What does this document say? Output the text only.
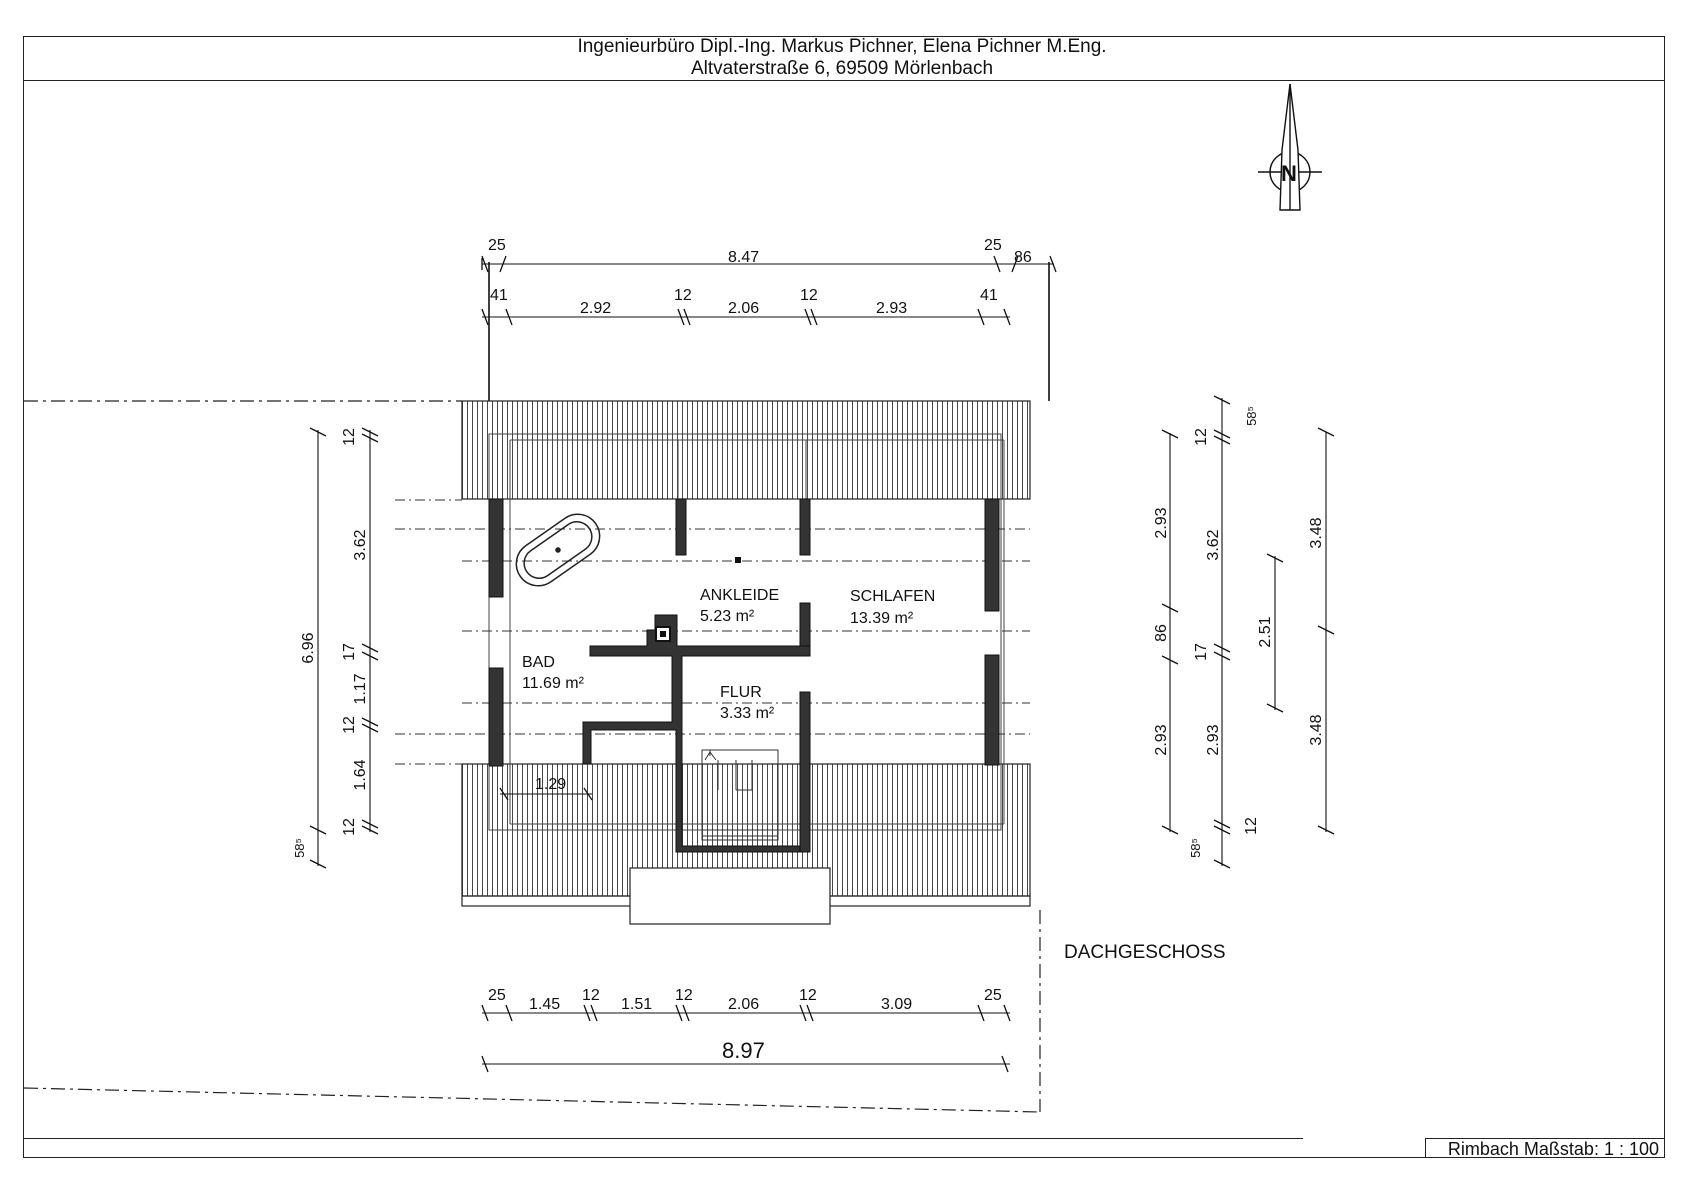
Ingenieurbüro Dipl.-Ing. Markus Pichner, Elena Pichner M.Eng.
Altvaterstraße 6, 69509 Mörlenbach
Rimbach Maßstab: 1 : 100
ANKLEIDE
5.23 m²
SCHLAFEN
13.39 m²
BAD
11.69 m²
FLUR
3.33 m²
DACHGESCHOSS
N
25
8.47
25
86
41
2.92
12
2.06
12
2.93
41
25
1.45
12
1.51
12
2.06
12
3.09
25
8.97
1.29
6.96
58⁵
12
3.62
17
1.17
12
1.64
12
2.93
86
2.93
58⁵
58⁵
12
3.62
17
2.93
12
2.51
3.48
3.48
